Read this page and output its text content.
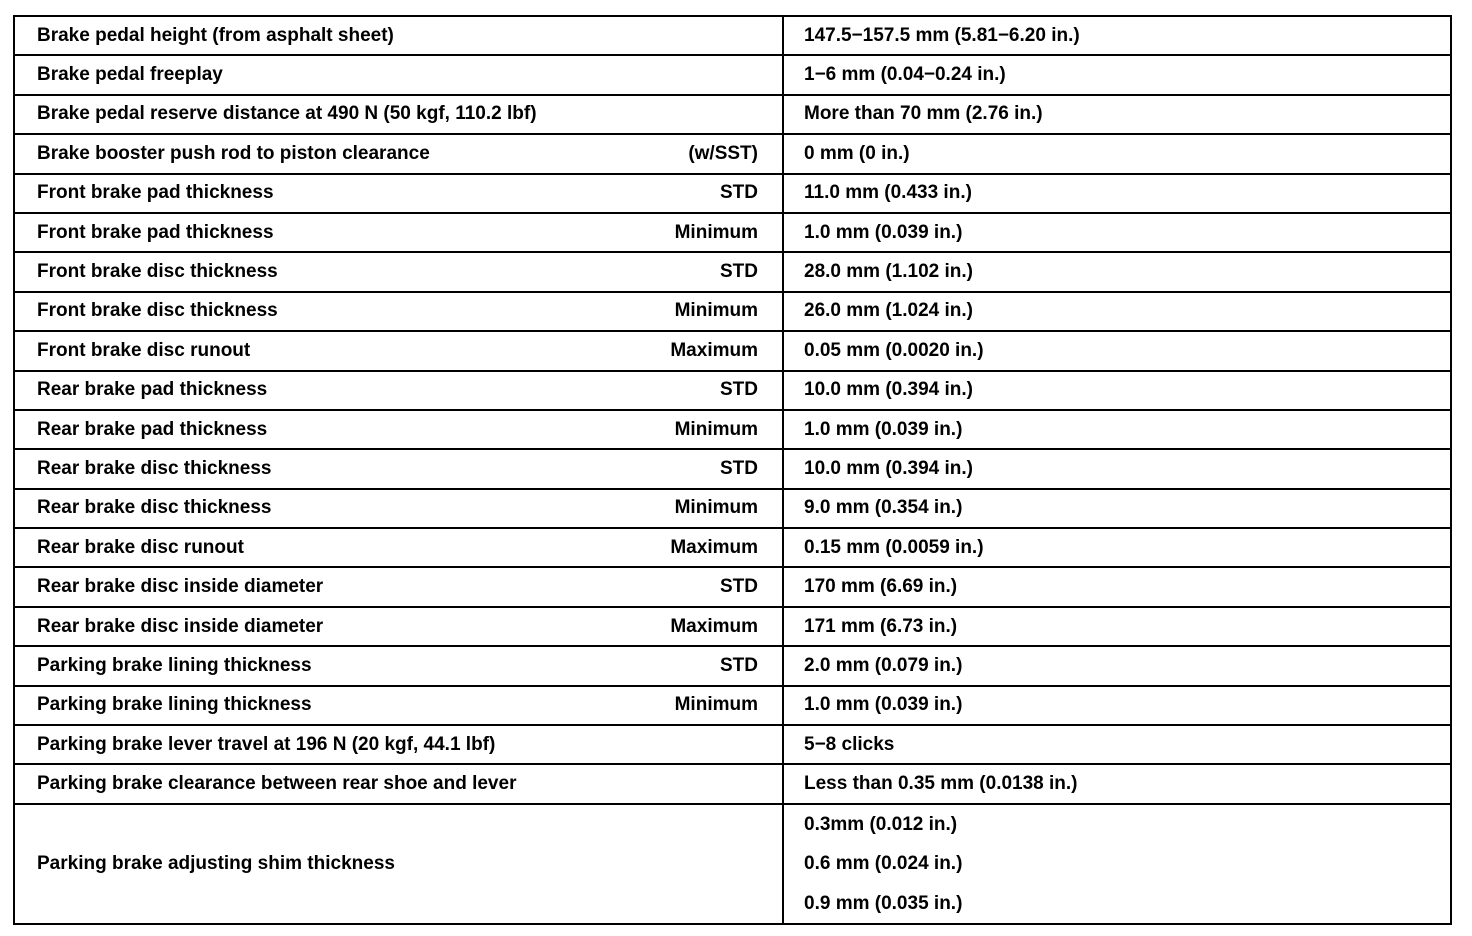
Brake pedal height (from asphalt sheet)	147.5−157.5 mm (5.81−6.20 in.)

Brake pedal freeplay	1−6 mm (0.04−0.24 in.)

Brake pedal reserve distance at 490 N (50 kgf, 110.2 lbf)	More than 70 mm (2.76 in.)

Brake booster push rod to piston clearance (w/SST)	0 mm (0 in.)

Front brake pad thickness STD	11.0 mm (0.433 in.)

Front brake pad thickness Minimum	1.0 mm (0.039 in.)

Front brake disc thickness STD	28.0 mm (1.102 in.)

Front brake disc thickness Minimum	26.0 mm (1.024 in.)

Front brake disc runout Maximum	0.05 mm (0.0020 in.)

Rear brake pad thickness STD	10.0 mm (0.394 in.)

Rear brake pad thickness Minimum	1.0 mm (0.039 in.)

Rear brake disc thickness STD	10.0 mm (0.394 in.)

Rear brake disc thickness Minimum	9.0 mm (0.354 in.)

Rear brake disc runout Maximum	0.15 mm (0.0059 in.)

Rear brake disc inside diameter STD	170 mm (6.69 in.)

Rear brake disc inside diameter Maximum	171 mm (6.73 in.)

Parking brake lining thickness STD	2.0 mm (0.079 in.)

Parking brake lining thickness Minimum	1.0 mm (0.039 in.)

Parking brake lever travel at 196 N (20 kgf, 44.1 lbf)	5−8 clicks

Parking brake clearance between rear shoe and lever	Less than 0.35 mm (0.0138 in.)
Parking brake adjusting shim thickness	0.3mm (0.012 in.)
0.6 mm (0.024 in.)
0.9 mm (0.035 in.)
